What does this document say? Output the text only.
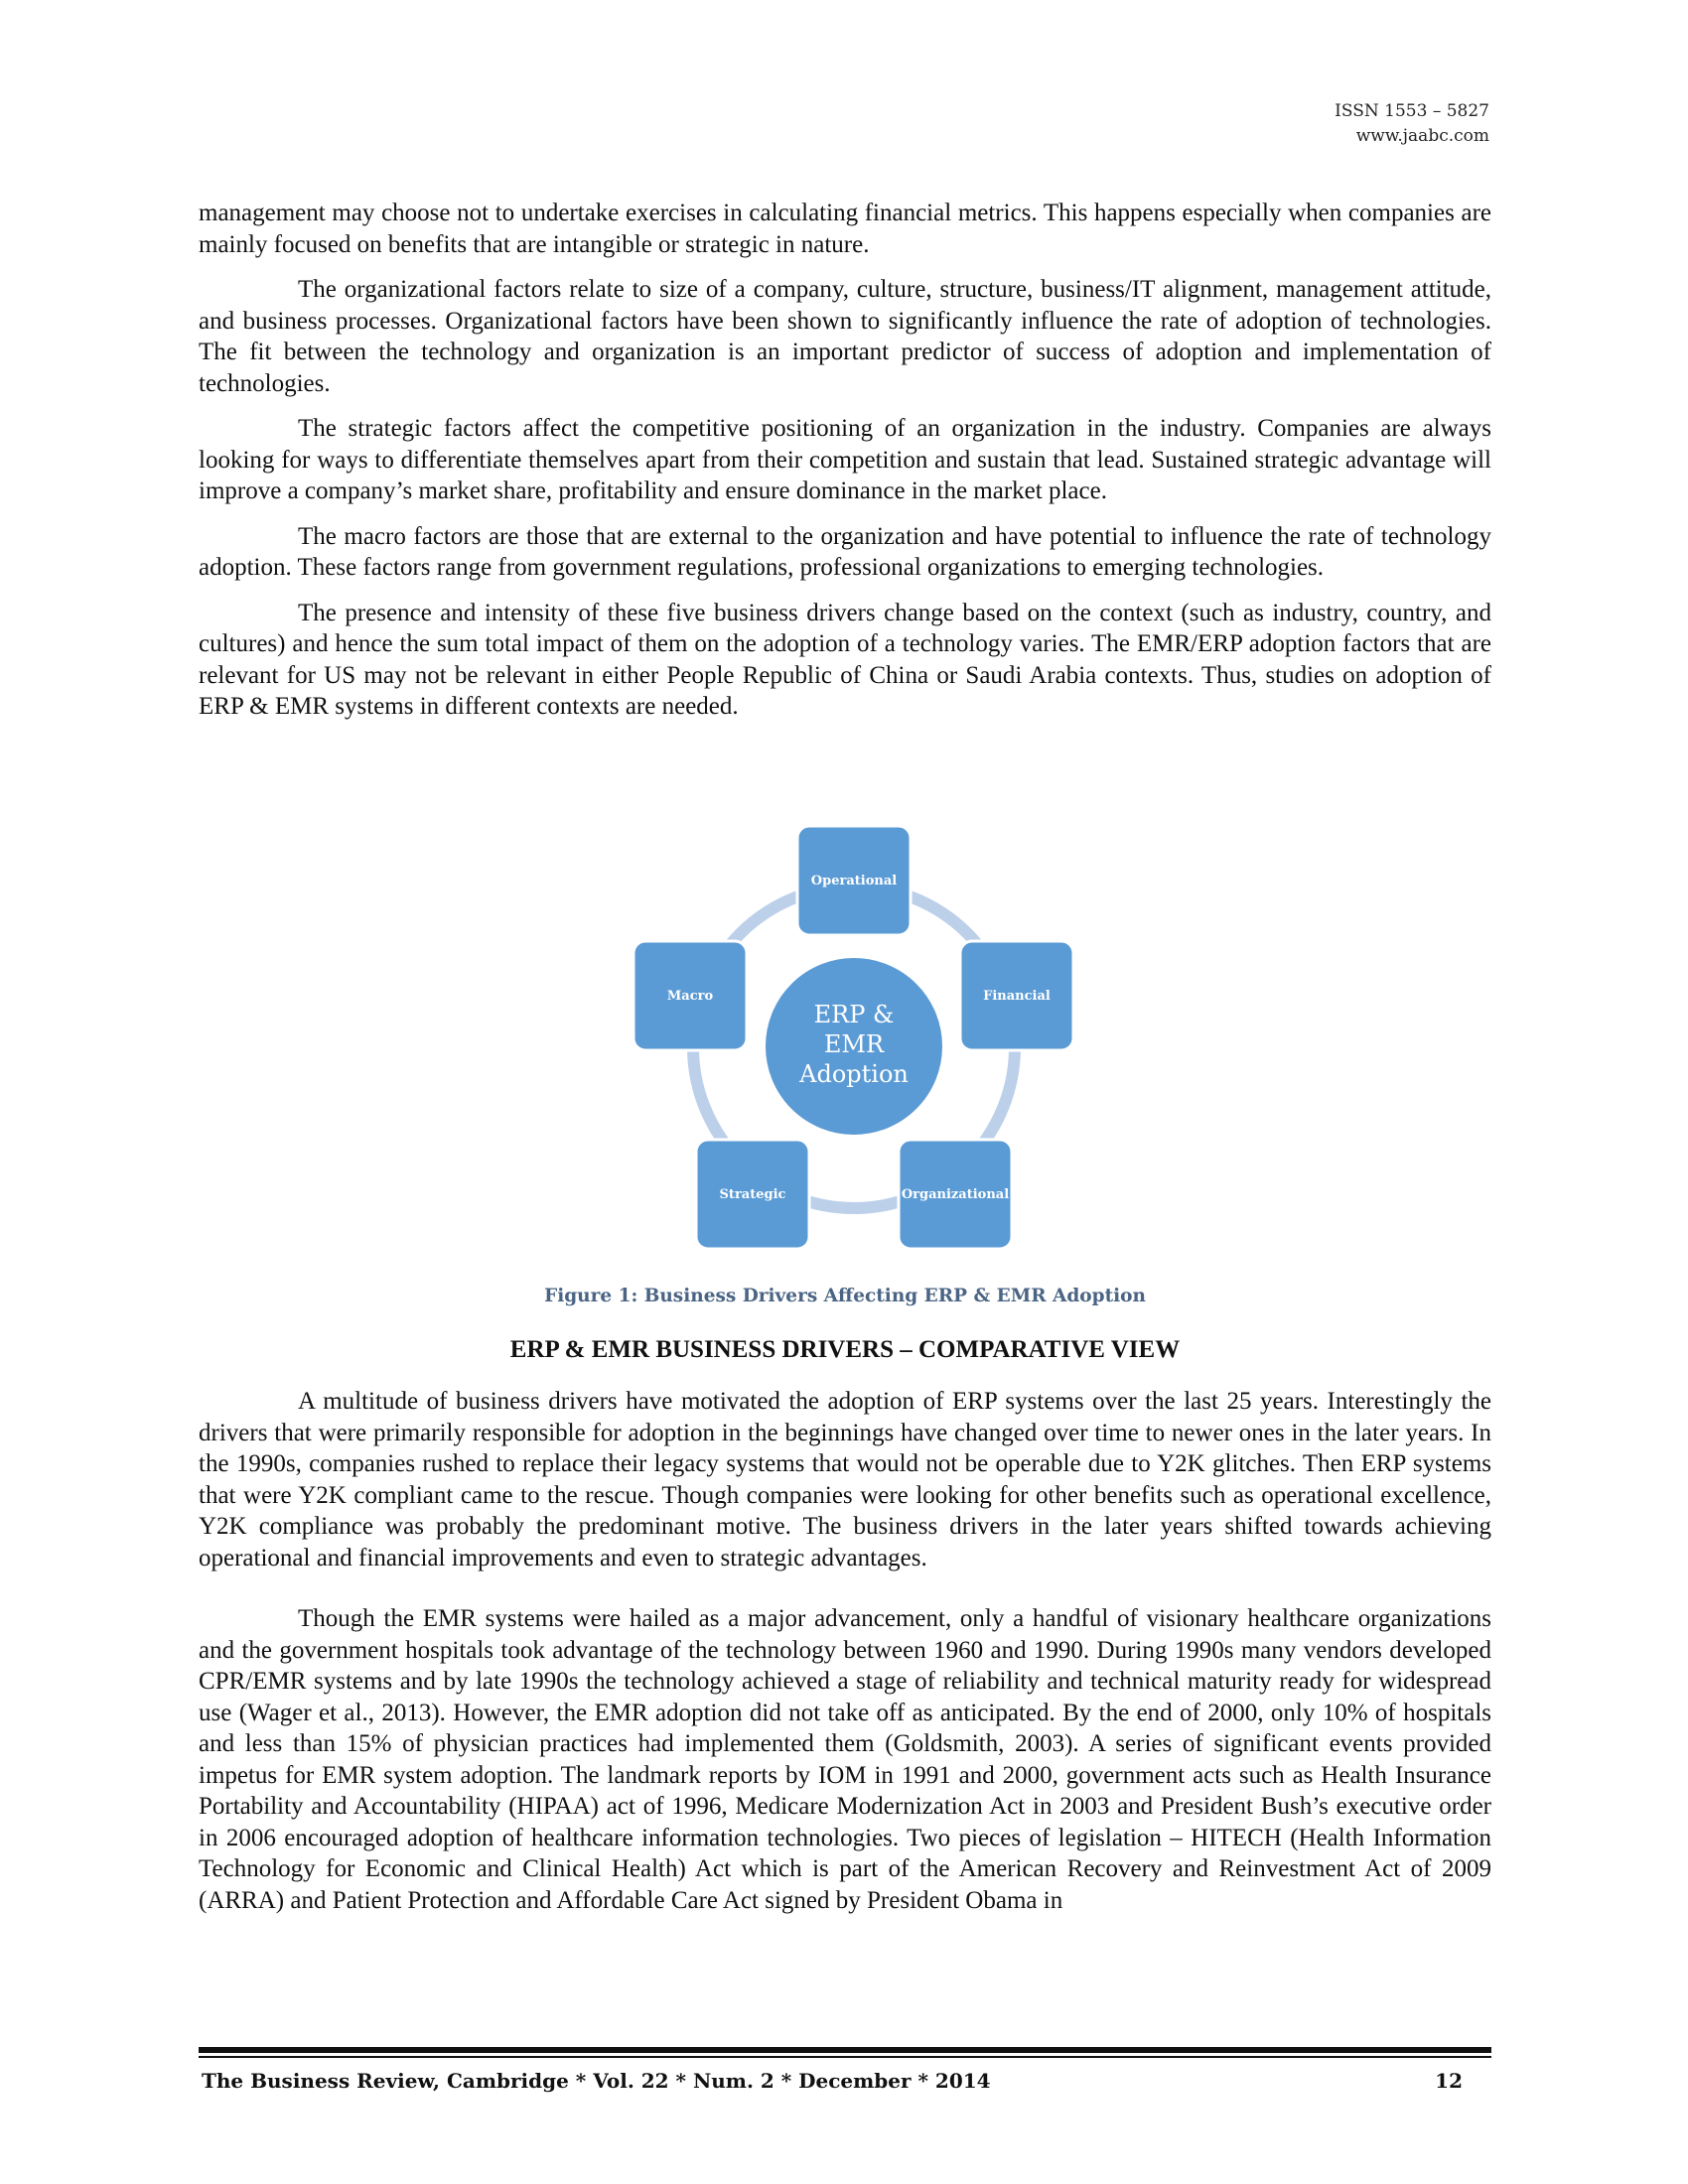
ISSN 1553 – 5827
www.jaabc.com

management may choose not to undertake exercises in calculating financial metrics. This happens especially when companies are mainly focused on benefits that are intangible or strategic in nature.

The organizational factors relate to size of a company, culture, structure, business/IT alignment, management attitude, and business processes. Organizational factors have been shown to significantly influence the rate of adoption of technologies. The fit between the technology and organization is an important predictor of success of adoption and implementation of technologies.

The strategic factors affect the competitive positioning of an organization in the industry. Companies are always looking for ways to differentiate themselves apart from their competition and sustain that lead. Sustained strategic advantage will improve a company’s market share, profitability and ensure dominance in the market place.

The macro factors are those that are external to the organization and have potential to influence the rate of technology adoption. These factors range from government regulations, professional organizations to emerging technologies.

The presence and intensity of these five business drivers change based on the context (such as industry, country, and cultures) and hence the sum total impact of them on the adoption of a technology varies. The EMR/ERP adoption factors that are relevant for US may not be relevant in either People Republic of China or Saudi Arabia contexts. Thus, studies on adoption of ERP & EMR systems in different contexts are needed.

ERP &
EMR
Adoption
Operational
Financial
Organizational
Strategic
Macro
Figure 1: Business Drivers Affecting ERP & EMR Adoption
ERP & EMR BUSINESS DRIVERS – COMPARATIVE VIEW

A multitude of business drivers have motivated the adoption of ERP systems over the last 25 years. Interestingly the drivers that were primarily responsible for adoption in the beginnings have changed over time to newer ones in the later years. In the 1990s, companies rushed to replace their legacy systems that would not be operable due to Y2K glitches. Then ERP systems that were Y2K compliant came to the rescue. Though companies were looking for other benefits such as operational excellence, Y2K compliance was probably the predominant motive. The business drivers in the later years shifted towards achieving operational and financial improvements and even to strategic advantages.

Though the EMR systems were hailed as a major advancement, only a handful of visionary healthcare organizations and the government hospitals took advantage of the technology between 1960 and 1990. During 1990s many vendors developed CPR/EMR systems and by late 1990s the technology achieved a stage of reliability and technical maturity ready for widespread use (Wager et al., 2013). However, the EMR adoption did not take off as anticipated. By the end of 2000, only 10% of hospitals and less than 15% of physician practices had implemented them (Goldsmith, 2003). A series of significant events provided impetus for EMR system adoption. The landmark reports by IOM in 1991 and 2000, government acts such as Health Insurance Portability and Accountability (HIPAA) act of 1996, Medicare Modernization Act in 2003 and President Bush’s executive order in 2006 encouraged adoption of healthcare information technologies. Two pieces of legislation – HITECH (Health Information Technology for Economic and Clinical Health) Act which is part of the American Recovery and Reinvestment Act of 2009 (ARRA) and Patient Protection and Affordable Care Act signed by President Obama in

The Business Review, Cambridge * Vol. 22 * Num. 2 * December * 2014	12
